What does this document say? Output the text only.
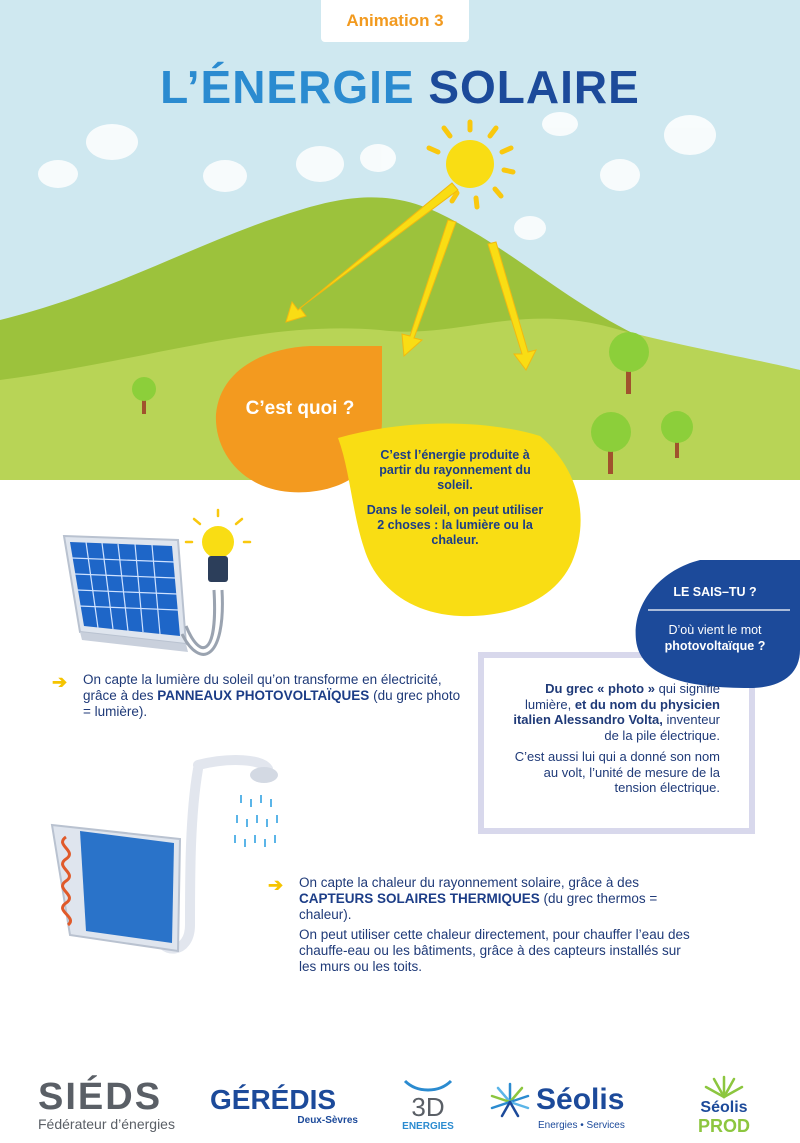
Animation 3
L’ÉNERGIE SOLAIRE
C’est quoi ?

C’est l’énergie produite à partir du rayonnement du soleil.

Dans le soleil, on peut utiliser 2 choses : la lumière ou la chaleur.

➔ On capte la lumière du soleil qu’on transforme en électricité, grâce à des PANNEAUX PHOTOVOLTAÏQUES (du grec photo = lumière).
LE SAIS–TU ?
D’où vient le mot
photovoltaïque ?

Du grec « photo » qui signifie lumière, et du nom du physicien italien Alessandro Volta, inventeur de la pile électrique.

C’est aussi lui qui a donné son nom au volt, l’unité de mesure de la tension électrique.

➔ On capte la chaleur du rayonnement solaire, grâce à des CAPTEURS SOLAIRES THERMIQUES (du grec thermos = chaleur).
On peut utiliser cette chaleur directement, pour chauffer l’eau des chauffe-eau ou les bâtiments, grâce à des capteurs installés sur les murs ou les toits.
SIÉDS
Fédérateur d’énergies
GÉRÉDIS
Deux-Sèvres 3D
ENERGIES
Séolis
Energies • Services
Séolis
PROD
